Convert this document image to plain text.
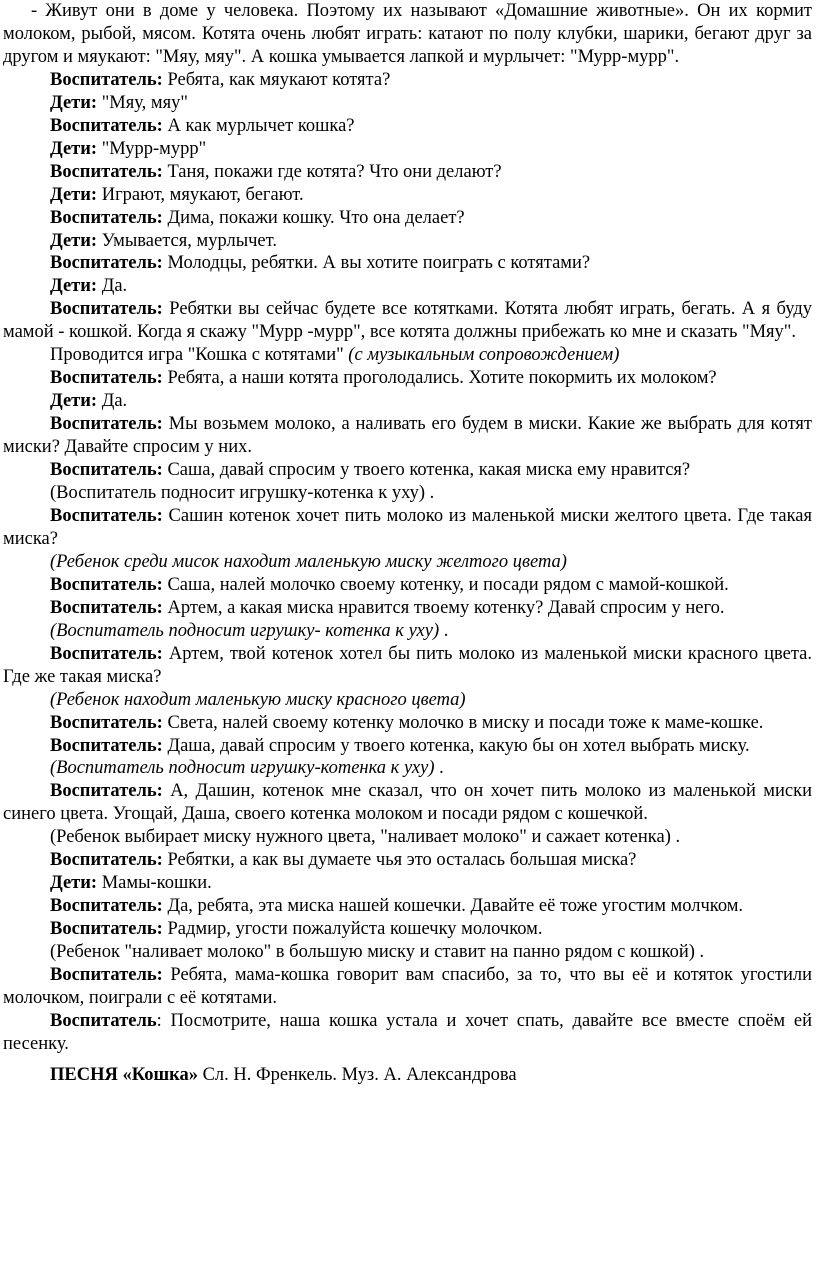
- Живут они в доме у человека. Поэтому их называют «Домашние животные». Он их кормит молоком, рыбой, мясом. Котята очень любят играть: катают по полу клубки, шарики, бегают друг за другом и мяукают: "Мяу, мяу". А кошка умывается лапкой и мурлычет: "Мурр-мурр".

Воспитатель: Ребята, как мяукают котята?

Дети: "Мяу, мяу"

Воспитатель: А как мурлычет кошка?

Дети: "Мурр-мурр"

Воспитатель: Таня, покажи где котята? Что они делают?

Дети: Играют, мяукают, бегают.

Воспитатель: Дима, покажи кошку. Что она делает?

Дети: Умывается, мурлычет.

Воспитатель: Молодцы, ребятки. А вы хотите поиграть с котятами?

Дети: Да.

Воспитатель: Ребятки вы сейчас будете все котятками. Котята любят играть, бегать. А я буду мамой - кошкой. Когда я скажу "Мурр -мурр", все котята должны прибежать ко мне и сказать "Мяу".

Проводится игра "Кошка с котятами" (с музыкальным сопровождением)

Воспитатель: Ребята, а наши котята проголодались. Хотите покормить их молоком?

Дети: Да.

Воспитатель: Мы возьмем молоко, а наливать его будем в миски. Какие же выбрать для котят миски? Давайте спросим у них.

Воспитатель: Саша, давай спросим у твоего котенка, какая миска ему нравится?

(Воспитатель подносит игрушку-котенка к уху) .

Воспитатель: Сашин котенок хочет пить молоко из маленькой миски желтого цвета. Где такая миска?

(Ребенок среди мисок находит маленькую миску желтого цвета)

Воспитатель: Саша, налей молочко своему котенку, и посади рядом с мамой-кошкой.

Воспитатель: Артем, а какая миска нравится твоему котенку? Давай спросим у него.

(Воспитатель подносит игрушку- котенка к уху) .

Воспитатель: Артем, твой котенок хотел бы пить молоко из маленькой миски красного цвета. Где же такая миска?

(Ребенок находит маленькую миску красного цвета)

Воспитатель: Света, налей своему котенку молочко в миску и посади тоже к маме-кошке.

Воспитатель: Даша, давай спросим у твоего котенка, какую бы он хотел выбрать миску.

(Воспитатель подносит игрушку-котенка к уху) .

Воспитатель: А, Дашин, котенок мне сказал, что он хочет пить молоко из маленькой миски синего цвета. Угощай, Даша, своего котенка молоком и посади рядом с кошечкой.

(Ребенок выбирает миску нужного цвета, "наливает молоко" и сажает котенка) .

Воспитатель: Ребятки, а как вы думаете чья это осталась большая миска?

Дети: Мамы-кошки.

Воспитатель: Да, ребята, эта миска нашей кошечки. Давайте её тоже угостим молчком.

Воспитатель: Радмир, угости пожалуйста кошечку молочком.

(Ребенок "наливает молоко" в большую миску и ставит на панно рядом с кошкой) .

Воспитатель: Ребята, мама-кошка говорит вам спасибо, за то, что вы её и котяток угостили молочком, поиграли с её котятами.

Воспитатель: Посмотрите, наша кошка устала и хочет спать, давайте все вместе спoём ей песенку.

ПЕСНЯ «Кошка» Сл. Н. Френкель. Муз. А. Александрова
